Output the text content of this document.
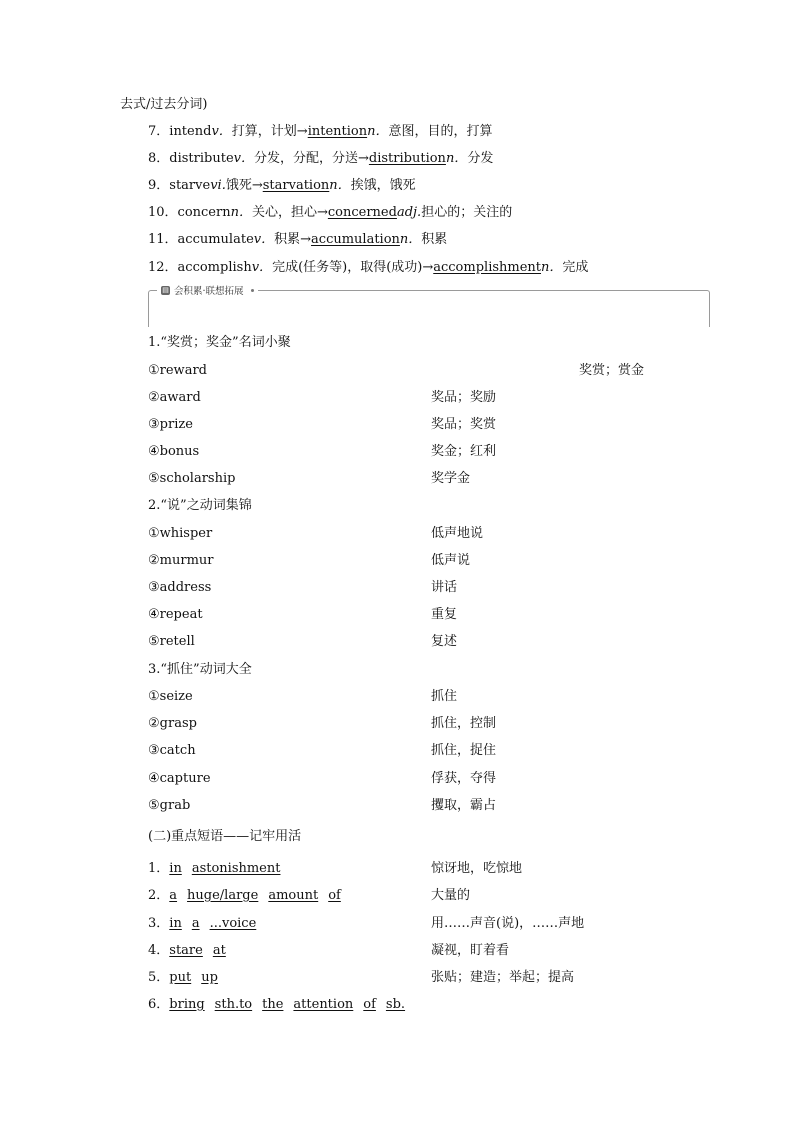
去式/过去分词)
7．intendv．打算，计划→intentionn．意图，目的，打算
8．distributev．分发，分配，分送→distributionn．分发
9．starvevi.饿死→starvationn．挨饿，饿死
10．concernn．关心，担心→concernedadj.担心的；关注的
11．accumulatev．积累→accumulationn．积累
12．accomplishv．完成(任务等)，取得(成功)→accomplishmentn．完成
▤ 会积累·联想拓展
1.“奖赏；奖金”名词小聚
①reward	奖赏；赏金
②award	奖品；奖励
③prize	奖品；奖赏
④bonus	奖金；红利
⑤scholarship	奖学金
2.“说”之动词集锦
①whisper	低声地说
②murmur	低声说
③address	讲话
④repeat	重复
⑤retell	复述
3.“抓住”动词大全
①seize	抓住
②grasp	抓住，控制
③catch	抓住，捉住
④capture	俘获，夺得
⑤grab	攫取，霸占
(二)重点短语——记牢用活
1．in astonishment	惊讶地，吃惊地
2．a huge/large amount of	大量的
3．in a ...voice	用……声音(说)，……声地
4．stare at	凝视，盯着看
5．put up	张贴；建造；举起；提高
6．bring sth.to the attention of sb.
